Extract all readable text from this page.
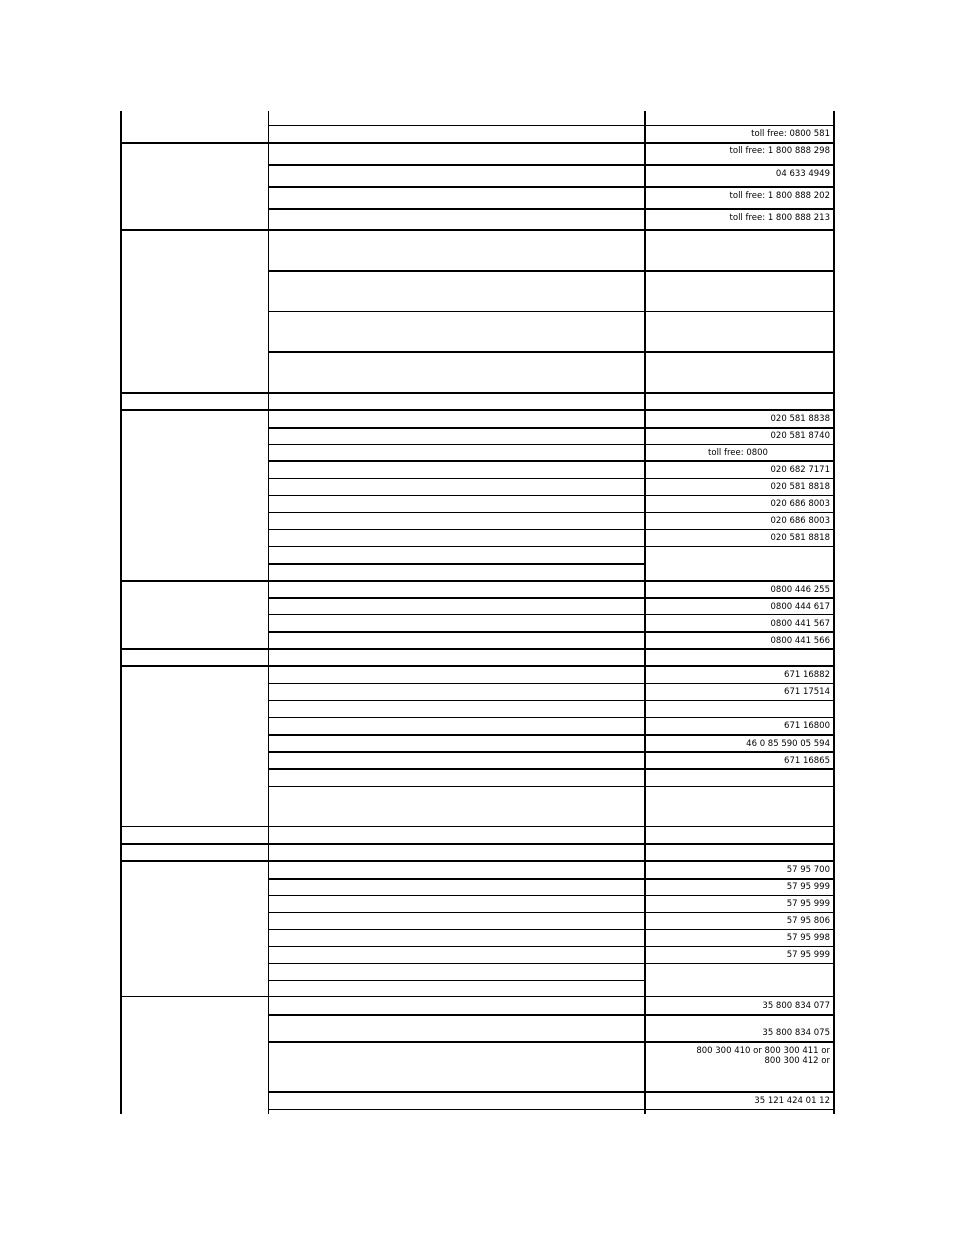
toll free: 0800 581
toll free: 1 800 888 298
04 633 4949
toll free: 1 800 888 202
toll free: 1 800 888 213
020 581 8838
020 581 8740
toll free: 0800
020 682 7171
020 581 8818
020 686 8003
020 686 8003
020 581 8818
0800 446 255
0800 444 617
0800 441 567
0800 441 566
671 16882
671 17514
671 16800
46 0 85 590 05 594
671 16865
57 95 700
57 95 999
57 95 999
57 95 806
57 95 998
57 95 999
35 800 834 077
35 800 834 075
800 300 410 or 800 300 411 or
800 300 412 or
35 121 424 01 12
